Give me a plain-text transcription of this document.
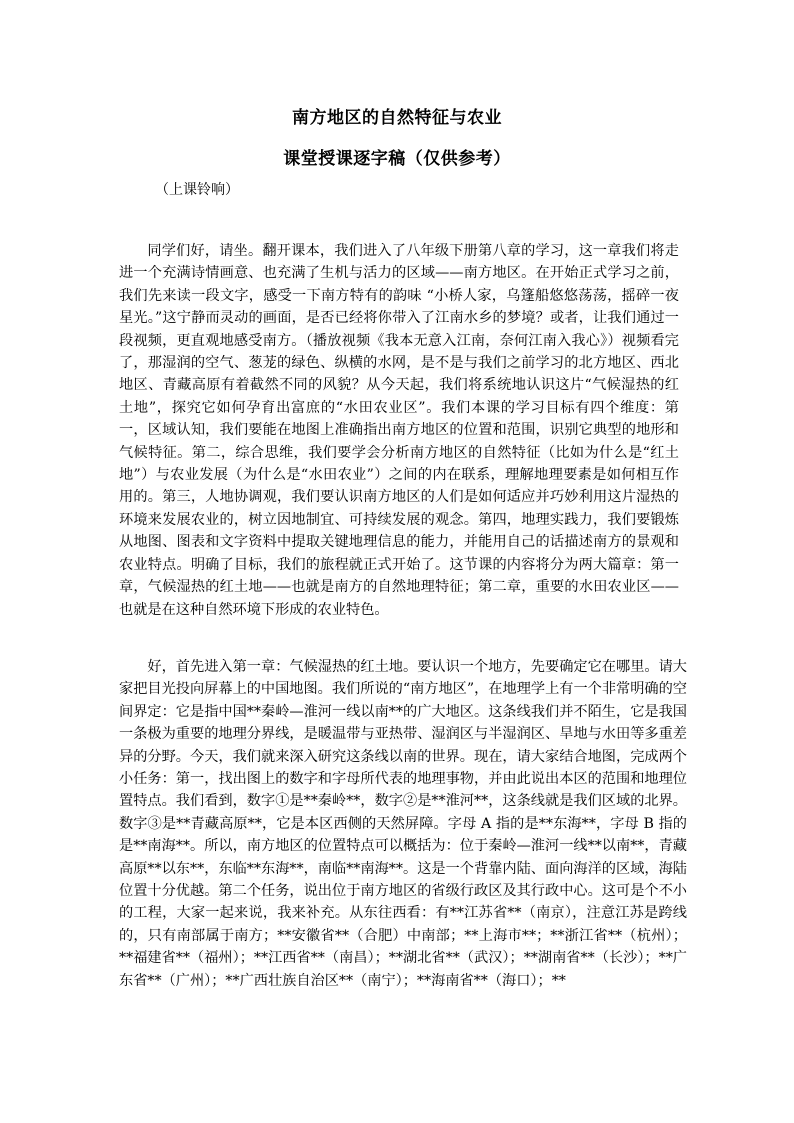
南方地区的自然特征与农业
课堂授课逐字稿（仅供参考）
（上课铃响）

同学们好，请坐。翻开课本，我们进入了八年级下册第八章的学习，这一章我们将走进一个充满诗情画意、也充满了生机与活力的区域——南方地区。在开始正式学习之前，我们先来读一段文字，感受一下南方特有的韵味 “小桥人家，乌篷船悠悠荡荡，摇碎一夜星光。”这宁静而灵动的画面，是否已经将你带入了江南水乡的梦境？或者，让我们通过一段视频，更直观地感受南方。（播放视频《我本无意入江南，奈何江南入我心》）视频看完了，那湿润的空气、葱茏的绿色、纵横的水网，是不是与我们之前学习的北方地区、西北地区、青藏高原有着截然不同的风貌？从今天起，我们将系统地认识这片“气候湿热的红土地”，探究它如何孕育出富庶的“水田农业区”。我们本课的学习目标有四个维度：第一，区域认知，我们要能在地图上准确指出南方地区的位置和范围，识别它典型的地形和气候特征。第二，综合思维，我们要学会分析南方地区的自然特征（比如为什么是“红土地”）与农业发展（为什么是“水田农业”）之间的内在联系，理解地理要素是如何相互作用的。第三，人地协调观，我们要认识南方地区的人们是如何适应并巧妙利用这片湿热的环境来发展农业的，树立因地制宜、可持续发展的观念。第四，地理实践力，我们要锻炼从地图、图表和文字资料中提取关键地理信息的能力，并能用自己的话描述南方的景观和农业特点。明确了目标，我们的旅程就正式开始了。这节课的内容将分为两大篇章：第一章，气候湿热的红土地——也就是南方的自然地理特征；第二章，重要的水田农业区——也就是在这种自然环境下形成的农业特色。

好，首先进入第一章：气候湿热的红土地。要认识一个地方，先要确定它在哪里。请大家把目光投向屏幕上的中国地图。我们所说的“南方地区”，在地理学上有一个非常明确的空间界定：它是指中国**秦岭—淮河一线以南**的广大地区。这条线我们并不陌生，它是我国一条极为重要的地理分界线，是暖温带与亚热带、湿润区与半湿润区、旱地与水田等多重差异的分野。今天，我们就来深入研究这条线以南的世界。现在，请大家结合地图，完成两个小任务：第一，找出图上的数字和字母所代表的地理事物，并由此说出本区的范围和地理位置特点。我们看到，数字①是**秦岭**，数字②是**淮河**，这条线就是我们区域的北界。数字③是**青藏高原**，它是本区西侧的天然屏障。字母 A 指的是**东海**，字母 B 指的是**南海**。所以，南方地区的位置特点可以概括为：位于秦岭—淮河一线**以南**，青藏高原**以东**，东临**东海**，南临**南海**。这是一个背靠内陆、面向海洋的区域，海陆位置十分优越。第二个任务，说出位于南方地区的省级行政区及其行政中心。这可是个不小的工程，大家一起来说，我来补充。从东往西看：有**江苏省**（南京），注意江苏是跨线的，只有南部属于南方；**安徽省**（合肥）中南部；**上海市**；**浙江省**（杭州）；**福建省**（福州）；**江西省**（南昌）；**湖北省**（武汉）；**湖南省**（长沙）；**广东省**（广州）；**广西壮族自治区**（南宁）；**海南省**（海口）；**
